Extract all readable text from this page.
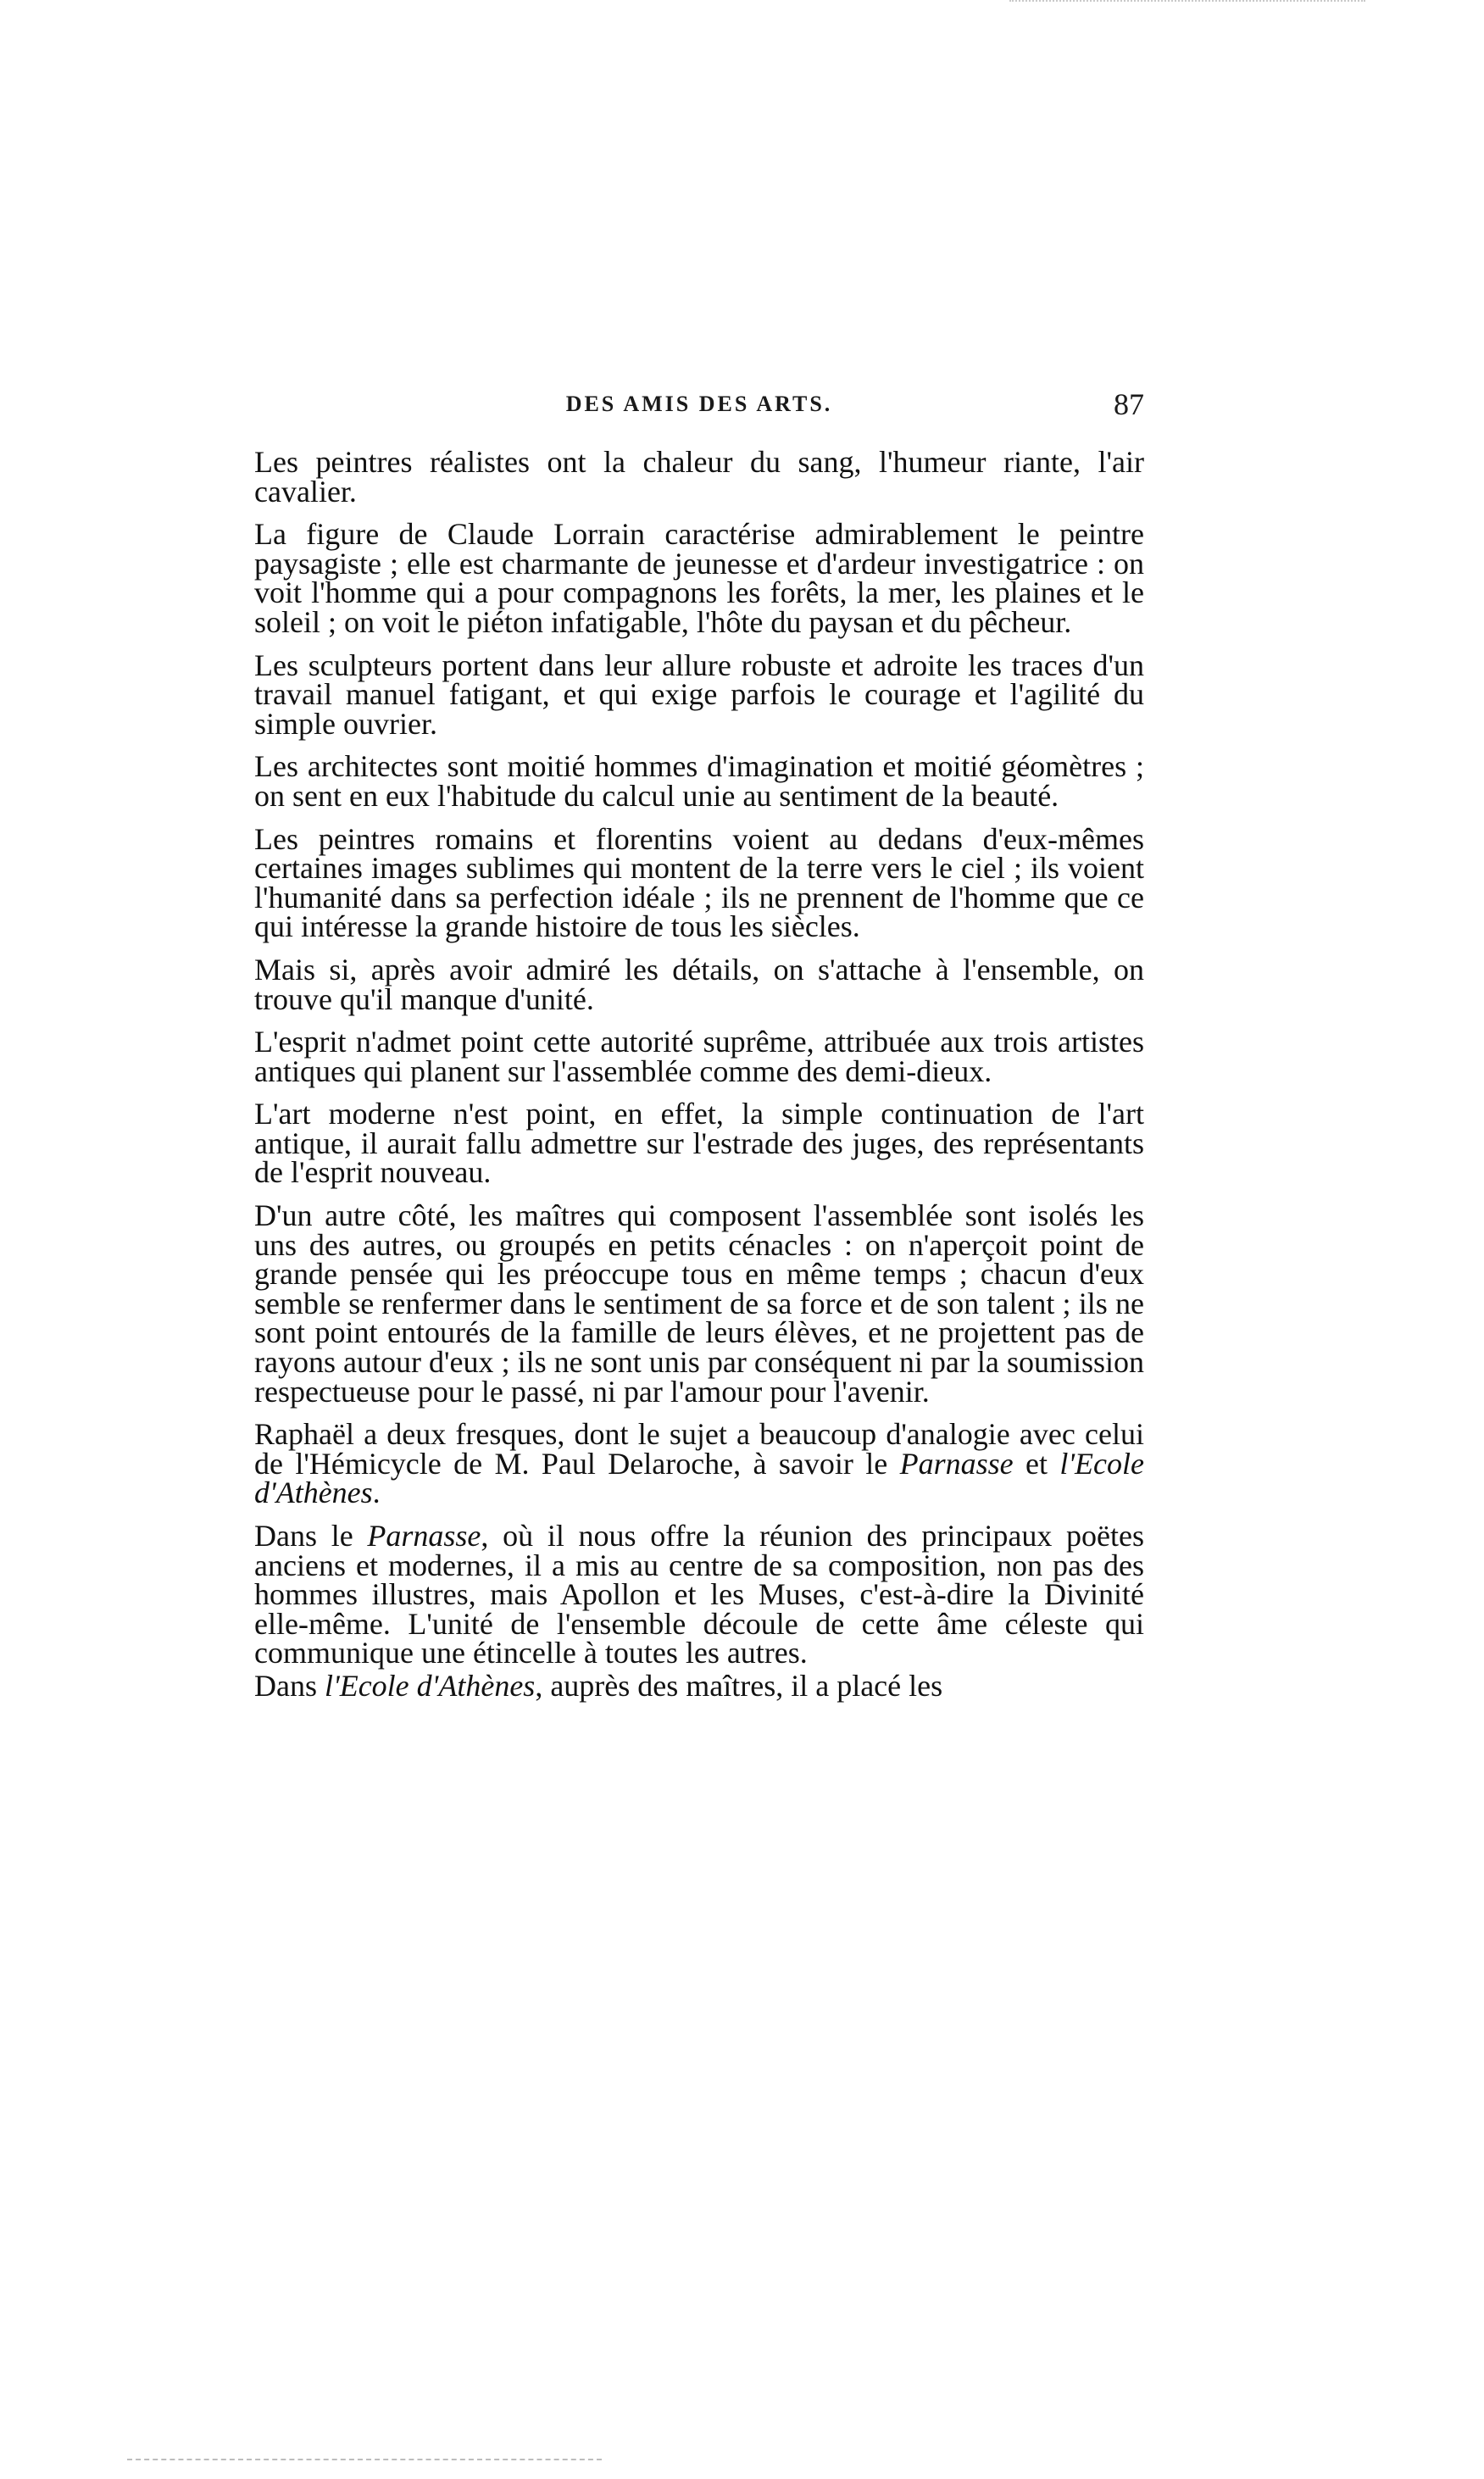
DES AMIS DES ARTS.	87

Les peintres réalistes ont la chaleur du sang, l'humeur riante, l'air cavalier.

La figure de Claude Lorrain caractérise admirablement le peintre paysagiste ; elle est charmante de jeunesse et d'ardeur investigatrice : on voit l'homme qui a pour compagnons les forêts, la mer, les plaines et le soleil ; on voit le piéton infatigable, l'hôte du paysan et du pêcheur.

Les sculpteurs portent dans leur allure robuste et adroite les traces d'un travail manuel fatigant, et qui exige parfois le courage et l'agilité du simple ouvrier.

Les architectes sont moitié hommes d'imagination et moitié géomètres ; on sent en eux l'habitude du calcul unie au sentiment de la beauté.

Les peintres romains et florentins voient au dedans d'eux-mêmes certaines images sublimes qui montent de la terre vers le ciel ; ils voient l'humanité dans sa perfection idéale ; ils ne prennent de l'homme que ce qui intéresse la grande histoire de tous les siècles.

Mais si, après avoir admiré les détails, on s'attache à l'ensemble, on trouve qu'il manque d'unité.

L'esprit n'admet point cette autorité suprême, attribuée aux trois artistes antiques qui planent sur l'assemblée comme des demi-dieux.

L'art moderne n'est point, en effet, la simple continuation de l'art antique, il aurait fallu admettre sur l'estrade des juges, des représentants de l'esprit nouveau.

D'un autre côté, les maîtres qui composent l'assemblée sont isolés les uns des autres, ou groupés en petits cénacles : on n'aperçoit point de grande pensée qui les préoccupe tous en même temps ; chacun d'eux semble se renfermer dans le sentiment de sa force et de son talent ; ils ne sont point entourés de la famille de leurs élèves, et ne projettent pas de rayons autour d'eux ; ils ne sont unis par conséquent ni par la soumission respectueuse pour le passé, ni par l'amour pour l'avenir.

Raphaël a deux fresques, dont le sujet a beaucoup d'analogie avec celui de l'Hémicycle de M. Paul Delaroche, à savoir le Parnasse et l'Ecole d'Athènes.

Dans le Parnasse, où il nous offre la réunion des principaux poëtes anciens et modernes, il a mis au centre de sa composition, non pas des hommes illustres, mais Apollon et les Muses, c'est-à-dire la Divinité elle-même. L'unité de l'ensemble découle de cette âme céleste qui communique une étincelle à toutes les autres.

Dans l'Ecole d'Athènes, auprès des maîtres, il a placé les
